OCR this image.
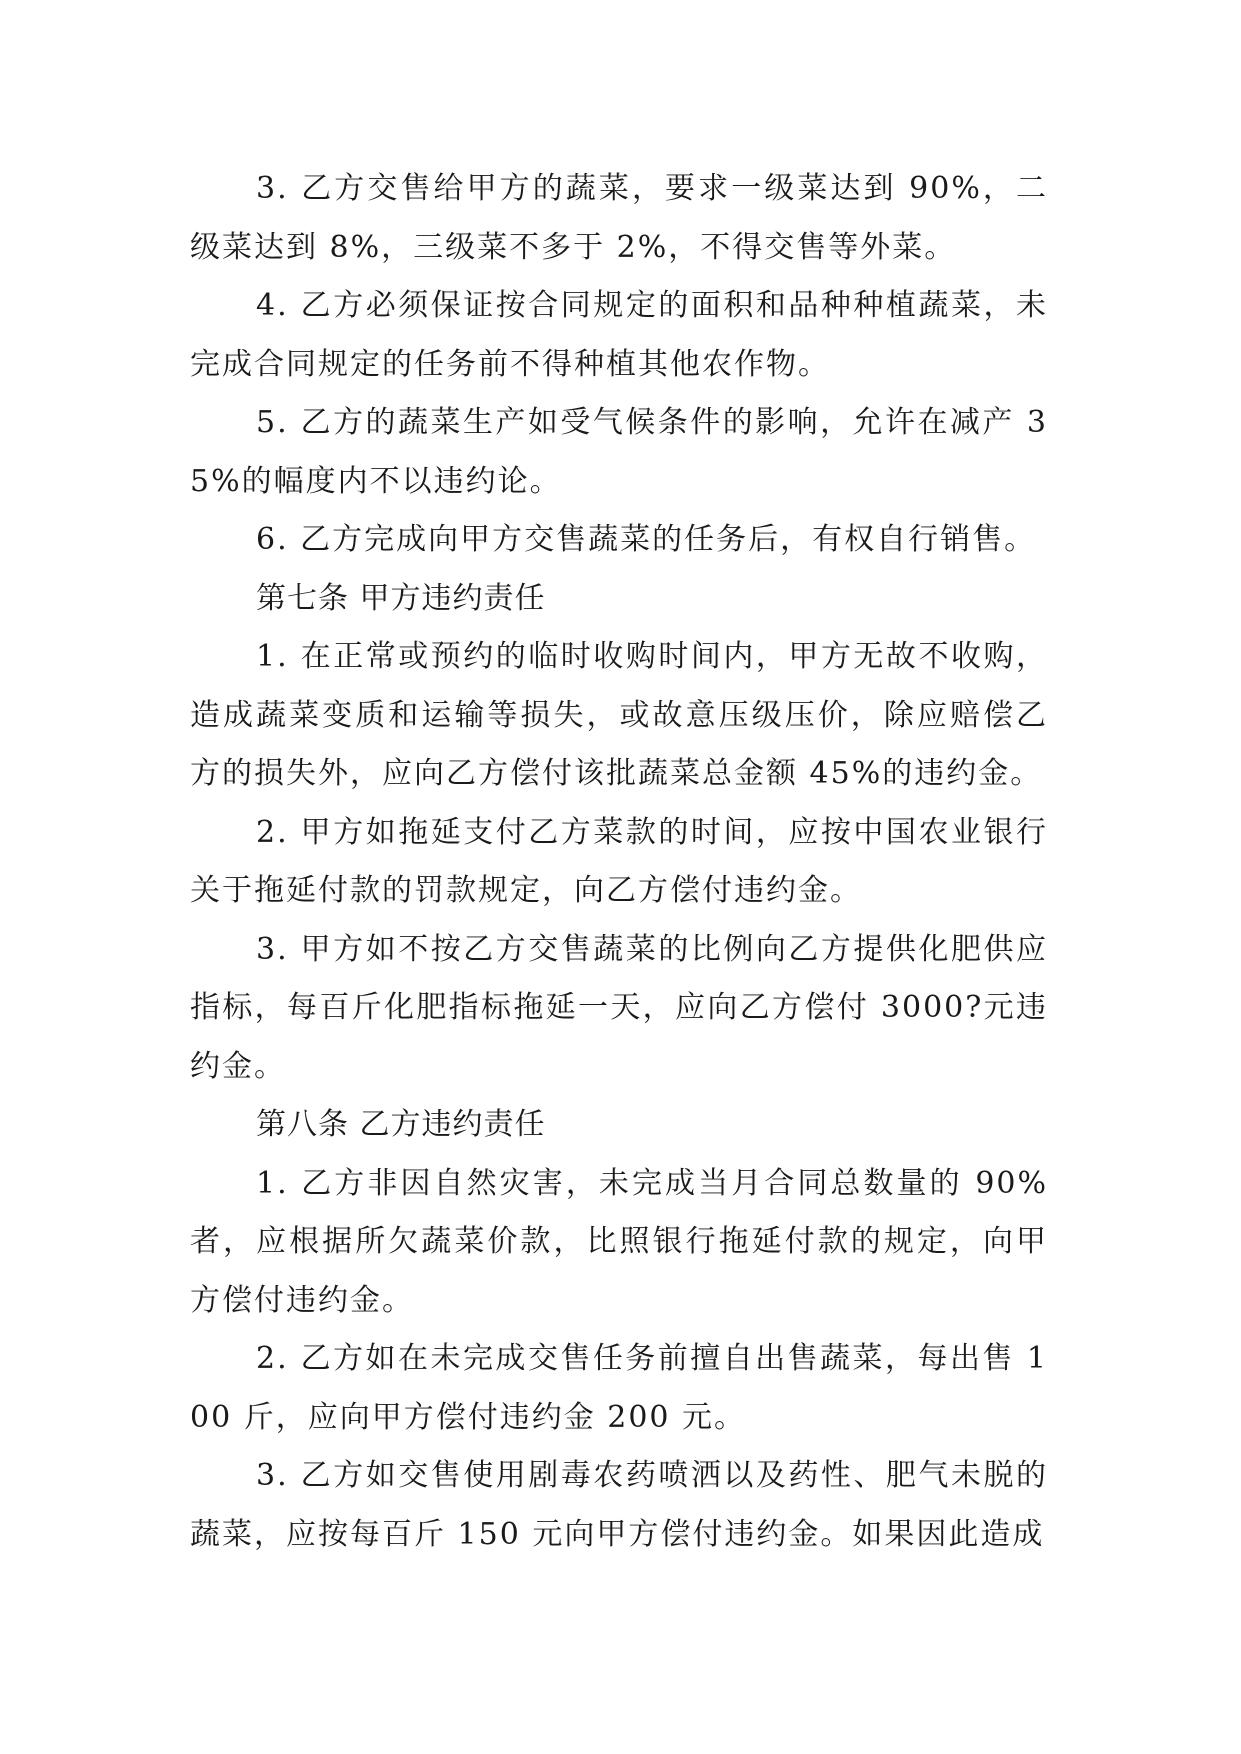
3. 乙方交售给甲方的蔬菜，要求一级菜达到 90%，二级菜达到 8%，三级菜不多于 2%，不得交售等外菜。

4. 乙方必须保证按合同规定的面积和品种种植蔬菜，未完成合同规定的任务前不得种植其他农作物。

5. 乙方的蔬菜生产如受气候条件的影响，允许在减产 35%的幅度内不以违约论。

6. 乙方完成向甲方交售蔬菜的任务后，有权自行销售。

第七条 甲方违约责任

1. 在正常或预约的临时收购时间内，甲方无故不收购，造成蔬菜变质和运输等损失，或故意压级压价，除应赔偿乙方的损失外，应向乙方偿付该批蔬菜总金额 45%的违约金。

2. 甲方如拖延支付乙方菜款的时间，应按中国农业银行关于拖延付款的罚款规定，向乙方偿付违约金。

3. 甲方如不按乙方交售蔬菜的比例向乙方提供化肥供应指标，每百斤化肥指标拖延一天，应向乙方偿付 3000?元违约金。

第八条 乙方违约责任

1. 乙方非因自然灾害，未完成当月合同总数量的 90%者，应根据所欠蔬菜价款，比照银行拖延付款的规定，向甲方偿付违约金。

2. 乙方如在未完成交售任务前擅自出售蔬菜，每出售 100 斤，应向甲方偿付违约金 200 元。

3. 乙方如交售使用剧毒农药喷洒以及药性、肥气未脱的蔬菜，应按每百斤 150 元向甲方偿付违约金。如果因此造成
